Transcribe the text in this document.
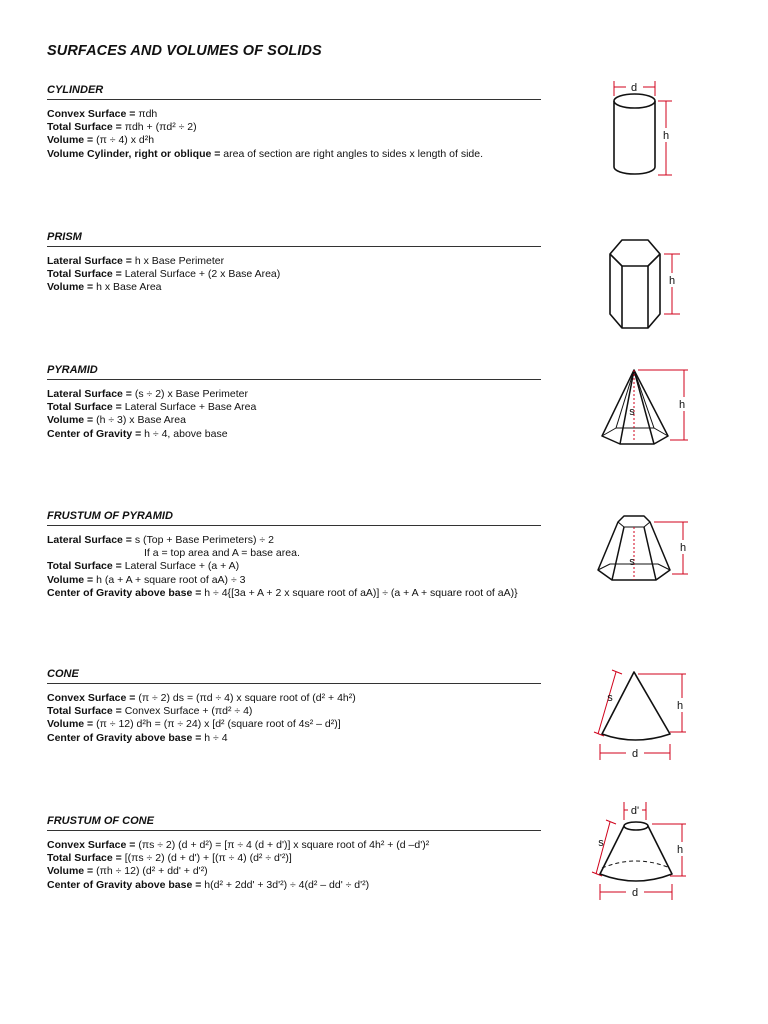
SURFACES AND VOLUMES OF SOLIDS
CYLINDER
Convex Surface = πdh
Total Surface = πdh + (πd² ÷ 2)
Volume = (π ÷ 4) x d²h
Volume Cylinder, right or oblique = area of section are right angles to sides x length of side.
PRISM
Lateral Surface = h x Base Perimeter
Total Surface = Lateral Surface + (2 x Base Area)
Volume = h x Base Area
PYRAMID
Lateral Surface = (s ÷ 2) x Base Perimeter
Total Surface = Lateral Surface + Base Area
Volume = (h ÷ 3) x Base Area
Center of Gravity = h ÷ 4, above base
FRUSTUM OF PYRAMID
Lateral Surface = s (Top + Base Perimeters) ÷ 2
If a = top area and A = base area.
Total Surface = Lateral Surface + (a + A)
Volume = h (a + A + square root of aA) ÷ 3
Center of Gravity above base = h ÷ 4{[3a + A + 2 x square root of aA)] ÷ (a + A + square root of aA)}
CONE
Convex Surface = (π ÷ 2) ds = (πd ÷ 4) x square root of (d² + 4h²)
Total Surface = Convex Surface + (πd² ÷ 4)
Volume = (π ÷ 12) d²h = (π ÷ 24) x [d² (square root of 4s² – d²)]
Center of Gravity above base = h ÷ 4
FRUSTUM OF CONE
Convex Surface = (πs ÷ 2) (d + d²) = [π ÷ 4 (d + d')] x square root of 4h² + (d –d')²
Total Surface = [(πs ÷ 2) (d + d') + [(π ÷ 4) (d² ÷ d'²)]
Volume = (πh ÷ 12) (d² + dd' + d'²)
Center of Gravity above base = h(d² + 2dd' + 3d'²) ÷ 4(d² – dd' ÷ d'²)
d
h
h
s
h
s
h
s
h
d
d'
s
h
d
